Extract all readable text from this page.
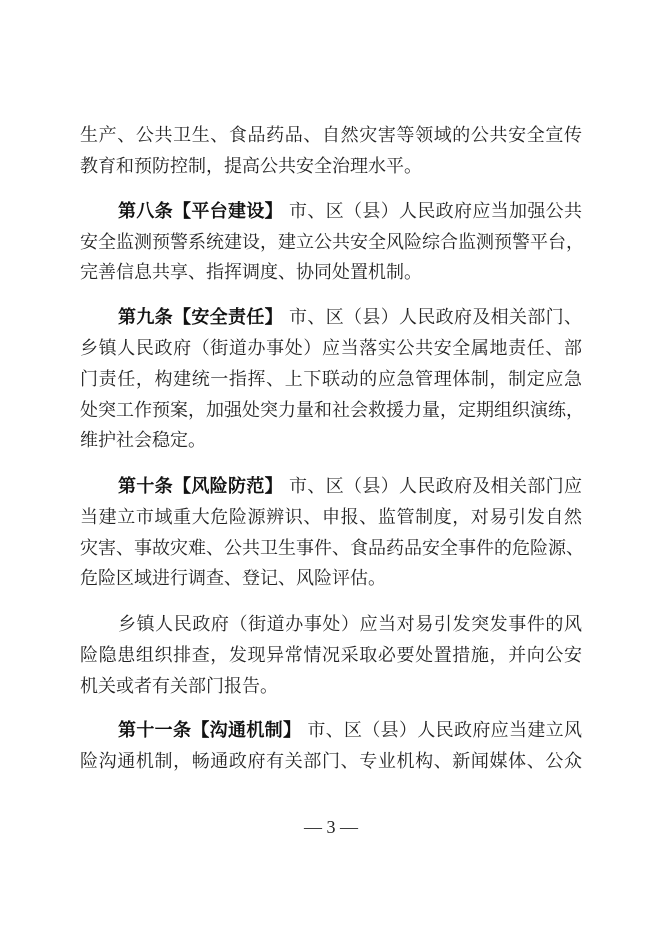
生产、公共卫生、食品药品、自然灾害等领域的公共安全宣传
教育和预防控制，提高公共安全治理水平。
第八条【平台建设】 市、区（县）人民政府应当加强公共
安全监测预警系统建设，建立公共安全风险综合监测预警平台，
完善信息共享、指挥调度、协同处置机制。
第九条【安全责任】 市、区（县）人民政府及相关部门、
乡镇人民政府（街道办事处）应当落实公共安全属地责任、部
门责任，构建统一指挥、上下联动的应急管理体制，制定应急
处突工作预案，加强处突力量和社会救援力量，定期组织演练，
维护社会稳定。
第十条【风险防范】 市、区（县）人民政府及相关部门应
当建立市域重大危险源辨识、申报、监管制度，对易引发自然
灾害、事故灾难、公共卫生事件、食品药品安全事件的危险源、
危险区域进行调查、登记、风险评估。
乡镇人民政府（街道办事处）应当对易引发突发事件的风
险隐患组织排查，发现异常情况采取必要处置措施，并向公安
机关或者有关部门报告。
第十一条【沟通机制】 市、区（县）人民政府应当建立风
险沟通机制，畅通政府有关部门、专业机构、新闻媒体、公众
— 3 —
